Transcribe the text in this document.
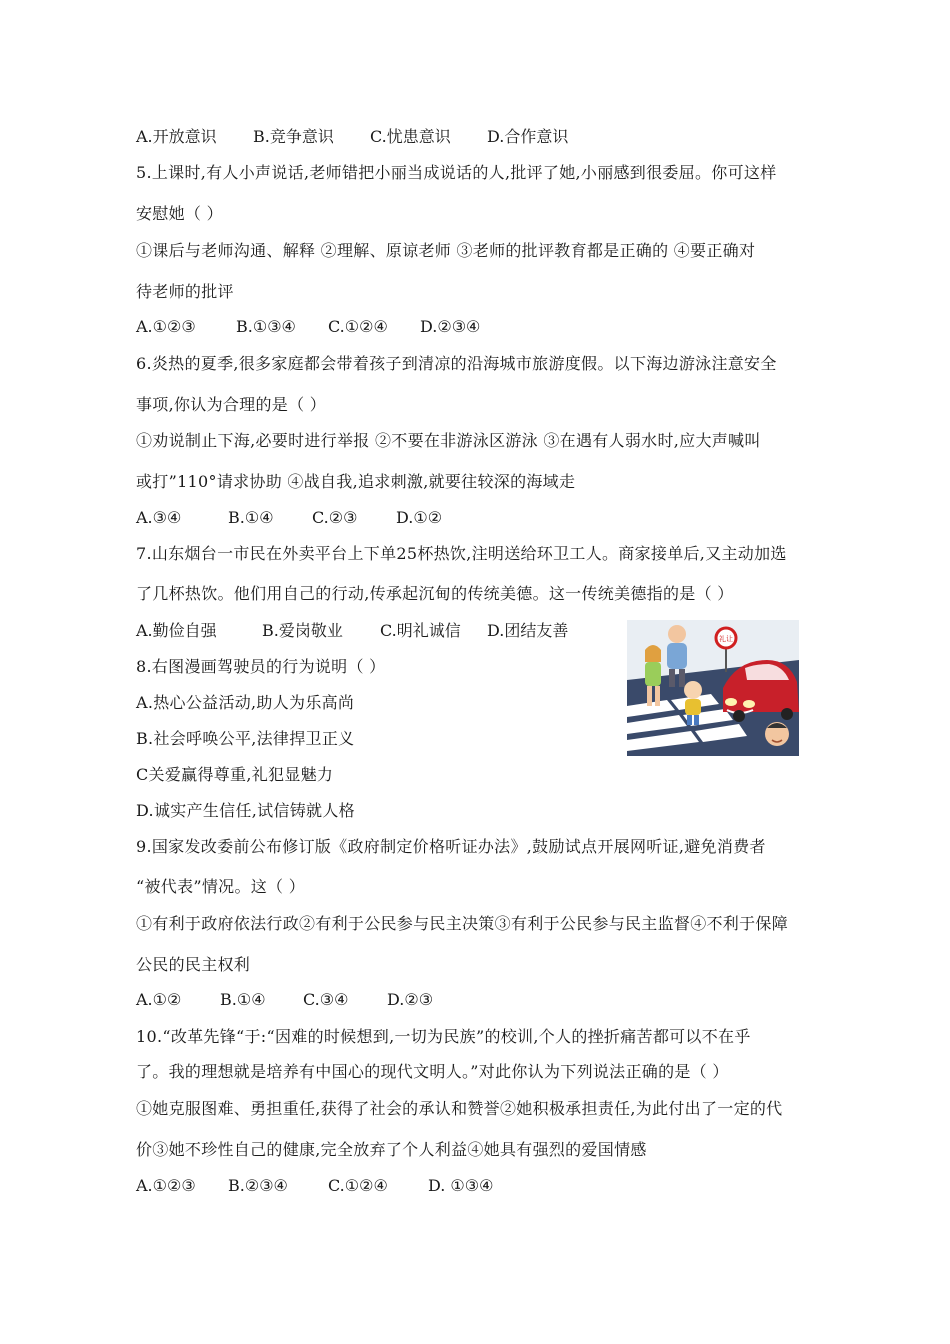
A.开放意识 B.竞争意识 C.忧患意识 D.合作意识
5.上课时,有人小声说话,老师错把小丽当成说话的人,批评了她,小丽感到很委屈。你可这样
安慰她（ ）
①课后与老师沟通、解释 ②理解、原谅老师 ③老师的批评教育都是正确的 ④要正确对
待老师的批评
A.①②③	B.①③④ C.①②④ D.②③④
6.炎热的夏季,很多家庭都会带着孩子到清凉的沿海城市旅游度假。以下海边游泳注意安全
事项,你认为合理的是（ ）
①劝说制止下海,必要时进行举报 ②不要在非游泳区游泳 ③在遇有人弱水时,应大声喊叫
或打”110°请求协助 ④战自我,追求刺激,就要往较深的海域走
A.③④	B.①④ C.②③ D.①②
7.山东烟台一市民在外卖平台上下单25杯热饮,注明送给环卫工人。商家接单后,又主动加选
了几杯热饮。他们用自己的行动,传承起沉甸的传统美德。这一传统美德指的是（ ）
A.勤俭自强	B.爱岗敬业 C.明礼诚信 D.团结友善
8.右图漫画驾驶员的行为说明（ ）
A.热心公益活动,助人为乐高尚
B.社会呼唤公平,法律捍卫正义
C关爱赢得尊重,礼犯显魅力
D.诚实产生信任,试信铸就人格
礼让
9.国家发改委前公布修订版《政府制定价格听证办法》,鼓励试点开展网听证,避免消费者
“被代表”情况。这（ ）
①有利于政府依法行政②有利于公民参与民主决策③有利于公民参与民主监督④不利于保障
公民的民主权利
A.①② B.①④ C.③④ D.②③
10.“改革先锋“于:“因难的时候想到,一切为民族”的校训,个人的挫折痛苦都可以不在乎
了。我的理想就是培养有中国心的现代文明人。”对此你认为下列说法正确的是（ ）
①她克服图难、勇担重任,获得了社会的承认和赞誉②她积极承担责任,为此付出了一定的代
价③她不珍性自己的健康,完全放弃了个人利益④她具有强烈的爱国情感
A.①②③ B.②③④	C.①②④	D. ①③④
